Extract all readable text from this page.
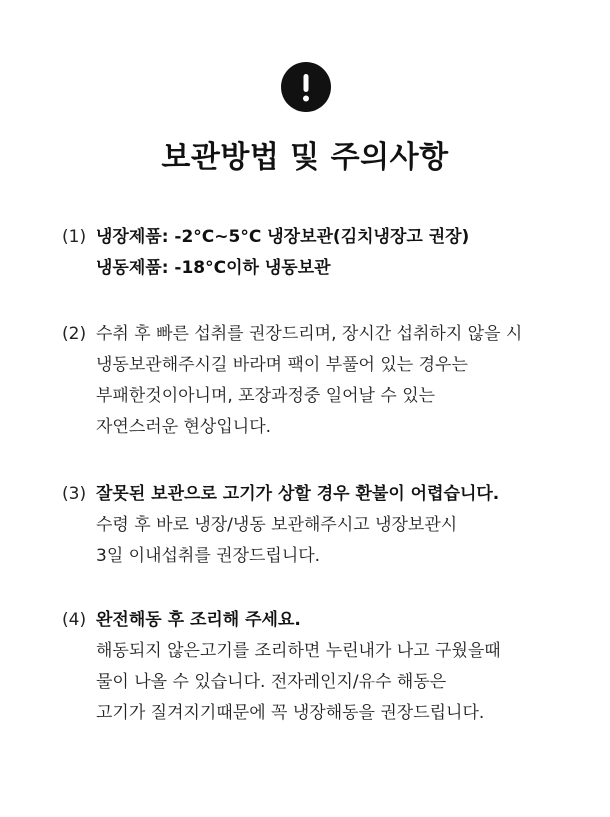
보관방법 및 주의사항
(1) 냉장제품: -2°C~5°C 냉장보관(김치냉장고 권장)
냉동제품: -18°C이하 냉동보관
(2) 수취 후 빠른 섭취를 권장드리며, 장시간 섭취하지 않을 시
냉동보관해주시길 바라며 팩이 부풀어 있는 경우는
부패한것이아니며, 포장과정중 일어날 수 있는
자연스러운 현상입니다.
(3) 잘못된 보관으로 고기가 상할 경우 환불이 어렵습니다.
수령 후 바로 냉장/냉동 보관해주시고 냉장보관시
3일 이내섭취를 권장드립니다.
(4) 완전해동 후 조리해 주세요.
해동되지 않은고기를 조리하면 누린내가 나고 구웠을때
물이 나올 수 있습니다. 전자레인지/유수 해동은
고기가 질겨지기때문에 꼭 냉장해동을 권장드립니다.
